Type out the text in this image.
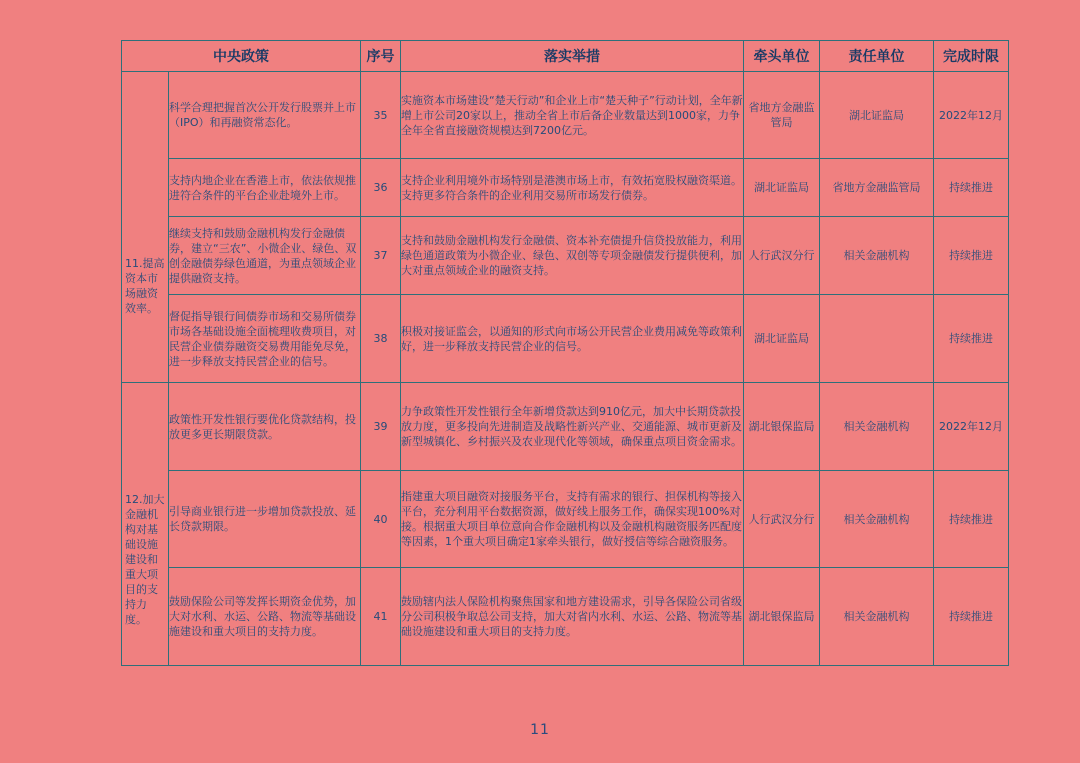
中央政策		序号	落实举措	牵头单位	责任单位	完成时限

11.提高资本市场融资效率。	科学合理把握首次公开发行股票并上市（IPO）和再融资常态化。	35	实施资本市场建设“楚天行动”和企业上市“楚天种子”行动计划，全年新增上市公司20家以上，推动全省上市后备企业数量达到1000家，力争全年全省直接融资规模达到7200亿元。	省地方金融监管局	湖北证监局	2022年12月
	支持内地企业在香港上市，依法依规推进符合条件的平台企业赴境外上市。	36	支持企业利用境外市场特别是港澳市场上市，有效拓宽股权融资渠道。支持更多符合条件的企业利用交易所市场发行债券。	湖北证监局	省地方金融监管局	持续推进
	继续支持和鼓励金融机构发行金融债券，建立“三农”、小微企业、绿色、双创金融债券绿色通道，为重点领域企业提供融资支持。	37	支持和鼓励金融机构发行金融债、资本补充债提升信贷投放能力，利用绿色通道政策为小微企业、绿色、双创等专项金融债发行提供便利，加大对重点领域企业的融资支持。	人行武汉分行	相关金融机构	持续推进
	督促指导银行间债券市场和交易所债券市场各基础设施全面梳理收费项目，对民营企业债券融资交易费用能免尽免，进一步释放支持民营企业的信号。	38	积极对接证监会，以通知的形式向市场公开民营企业费用减免等政策利好，进一步释放支持民营企业的信号。	湖北证监局		持续推进

12.加大金融机构对基础设施建设和重大项目的支持力度。	政策性开发性银行要优化贷款结构，投放更多更长期限贷款。	39	力争政策性开发性银行全年新增贷款达到910亿元，加大中长期贷款投放力度，更多投向先进制造及战略性新兴产业、交通能源、城市更新及新型城镇化、乡村振兴及农业现代化等领域，确保重点项目资金需求。	湖北银保监局	相关金融机构	2022年12月
	引导商业银行进一步增加贷款投放、延长贷款期限。	40	指建重大项目融资对接服务平台，支持有需求的银行、担保机构等接入平台，充分利用平台数据资源，做好线上服务工作，确保实现100%对接。根据重大项目单位意向合作金融机构以及金融机构融资服务匹配度等因素，1个重大项目确定1家牵头银行，做好授信等综合融资服务。	人行武汉分行	相关金融机构	持续推进
	鼓励保险公司等发挥长期资金优势，加大对水利、水运、公路、物流等基础设施建设和重大项目的支持力度。	41	鼓励辖内法人保险机构聚焦国家和地方建设需求，引导各保险公司省级分公司积极争取总公司支持，加大对省内水利、水运、公路、物流等基础设施建设和重大项目的支持力度。	湖北银保监局	相关金融机构	持续推进
11
